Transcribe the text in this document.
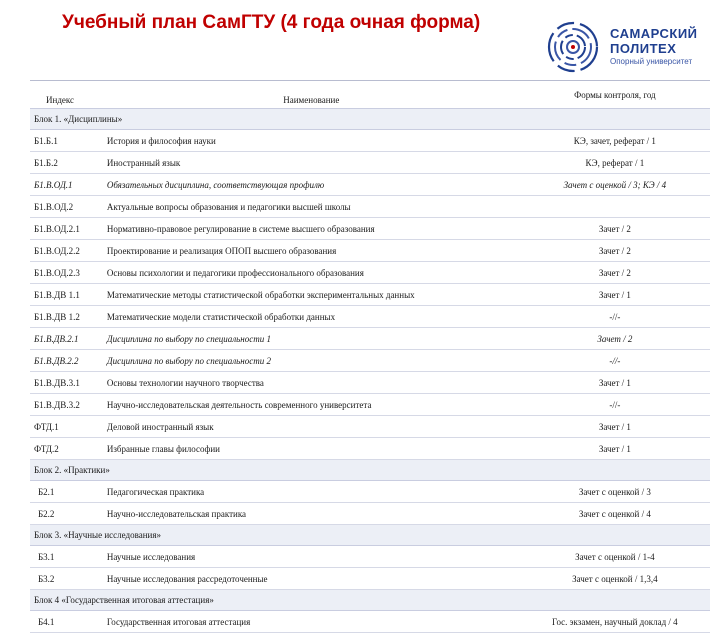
Учебный план СамГТУ (4 года очная форма)
САМАРСКИЙ
ПОЛИТЕХ
Опорный университет
Индекс	Наименование	Формы контроля, год
Блок 1. «Дисциплины»		
Б1.Б.1	История и философия науки	КЭ, зачет, реферат / 1
Б1.Б.2	Иностранный язык	КЭ, реферат / 1
Б1.В.ОД.1	Обязательных дисциплина, соответствующая профилю	Зачет с оценкой / 3; КЭ / 4
Б1.В.ОД.2	Актуальные вопросы образования и педагогики высшей школы	
Б1.В.ОД.2.1	Нормативно-правовое регулирование в системе высшего образования	Зачет / 2
Б1.В.ОД.2.2	Проектирование и реализация ОПОП высшего образования	Зачет / 2
Б1.В.ОД.2.3	Основы психологии и педагогики профессионального образования	Зачет / 2
Б1.В.ДВ 1.1	Математические методы статистической обработки экспериментальных данных	Зачет / 1
Б1.В.ДВ 1.2	Математические модели статистической обработки данных	-//-
Б1.В.ДВ.2.1	Дисциплина по выбору по специальности 1	Зачет / 2
Б1.В.ДВ.2.2	Дисциплина по выбору по специальности 2	-//-
Б1.В.ДВ.3.1	Основы технологии научного творчества	Зачет / 1
Б1.В.ДВ.3.2	Научно-исследовательская деятельность современного университета	-//-
ФТД.1	Деловой иностранный язык	Зачет / 1
ФТД.2	Избранные главы философии	Зачет / 1
Блок 2. «Практики»		
Б2.1	Педагогическая практика	Зачет с оценкой / 3
Б2.2	Научно-исследовательская практика	Зачет с оценкой / 4
Блок 3. «Научные исследования»		
Б3.1	Научные исследования	Зачет с оценкой / 1-4
Б3.2	Научные исследования рассредоточенные	Зачет с оценкой / 1,3,4
Блок 4 «Государственная итоговая аттестация»		
Б4.1	Государственная итоговая аттестация	Гос. экзамен, научный доклад / 4
